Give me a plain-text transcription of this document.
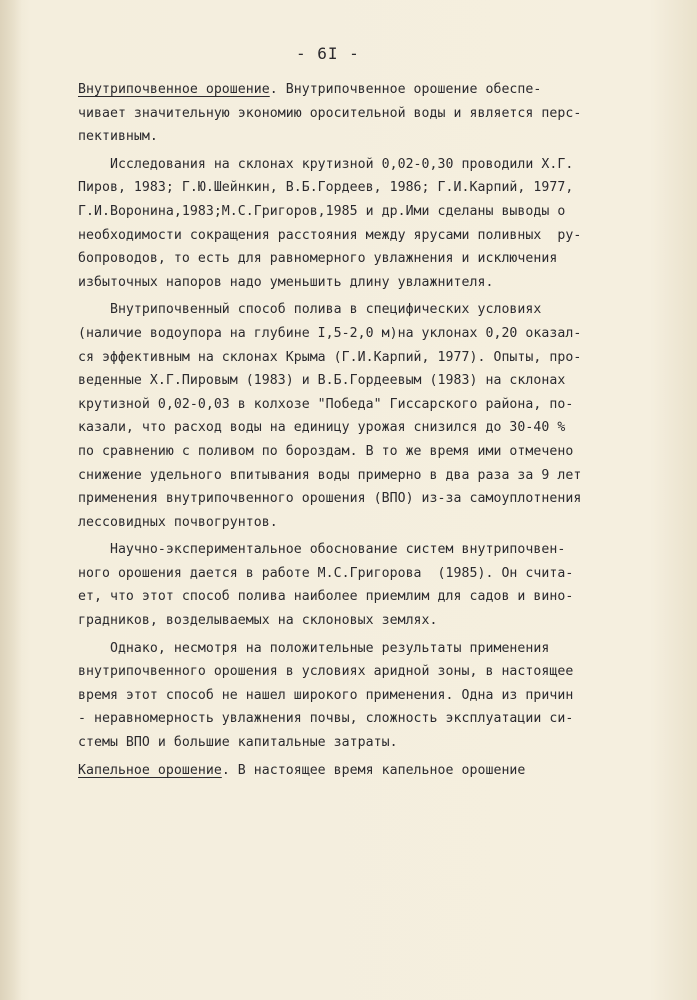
- 6I -
Внутрипочвенное орошение. Внутрипочвенное орошение обеспе-
чивает значительную экономию оросительной воды и является перс-
пективным.
Исследования на склонах крутизной 0,02-0,30 проводили Х.Г.
Пиров, 1983; Г.Ю.Шейнкин, В.Б.Гордеев, 1986; Г.И.Карпий, 1977,
Г.И.Воронина,1983;М.С.Григоров,1985 и др.Ими сделаны выводы о
необходимости сокращения расстояния между ярусами поливных  ру-
бопроводов, то есть для равномерного увлажнения и исключения
избыточных напоров надо уменьшить длину увлажнителя.
Внутрипочвенный способ полива в специфических условиях
(наличие водоупора на глубине I,5-2,0 м)на уклонах 0,20 оказал-
ся эффективным на склонах Крыма (Г.И.Карпий, 1977). Опыты, про-
веденные Х.Г.Пировым (1983) и В.Б.Гордеевым (1983) на склонах
крутизной 0,02-0,03 в колхозе "Победа" Гиссарского района, по-
казали, что расход воды на единицу урожая снизился до 30-40 %
по сравнению с поливом по бороздам. В то же время ими отмечено
снижение удельного впитывания воды примерно в два раза за 9 лет
применения внутрипочвенного орошения (ВПО) из-за самоуплотнения
лессовидных почвогрунтов.
Научно-экспериментальное обоснование систем внутрипочвен-
ного орошения дается в работе М.С.Григорова  (1985). Он счита-
ет, что этот способ полива наиболее приемлим для садов и вино-
градников, возделываемых на склоновых землях.
Однако, несмотря на положительные результаты применения
внутрипочвенного орошения в условиях аридной зоны, в настоящее
время этот способ не нашел широкого применения. Одна из причин
- неравномерность увлажнения почвы, сложность эксплуатации си-
стемы ВПО и большие капитальные затраты.
Капельное орошение. В настоящее время капельное орошение
